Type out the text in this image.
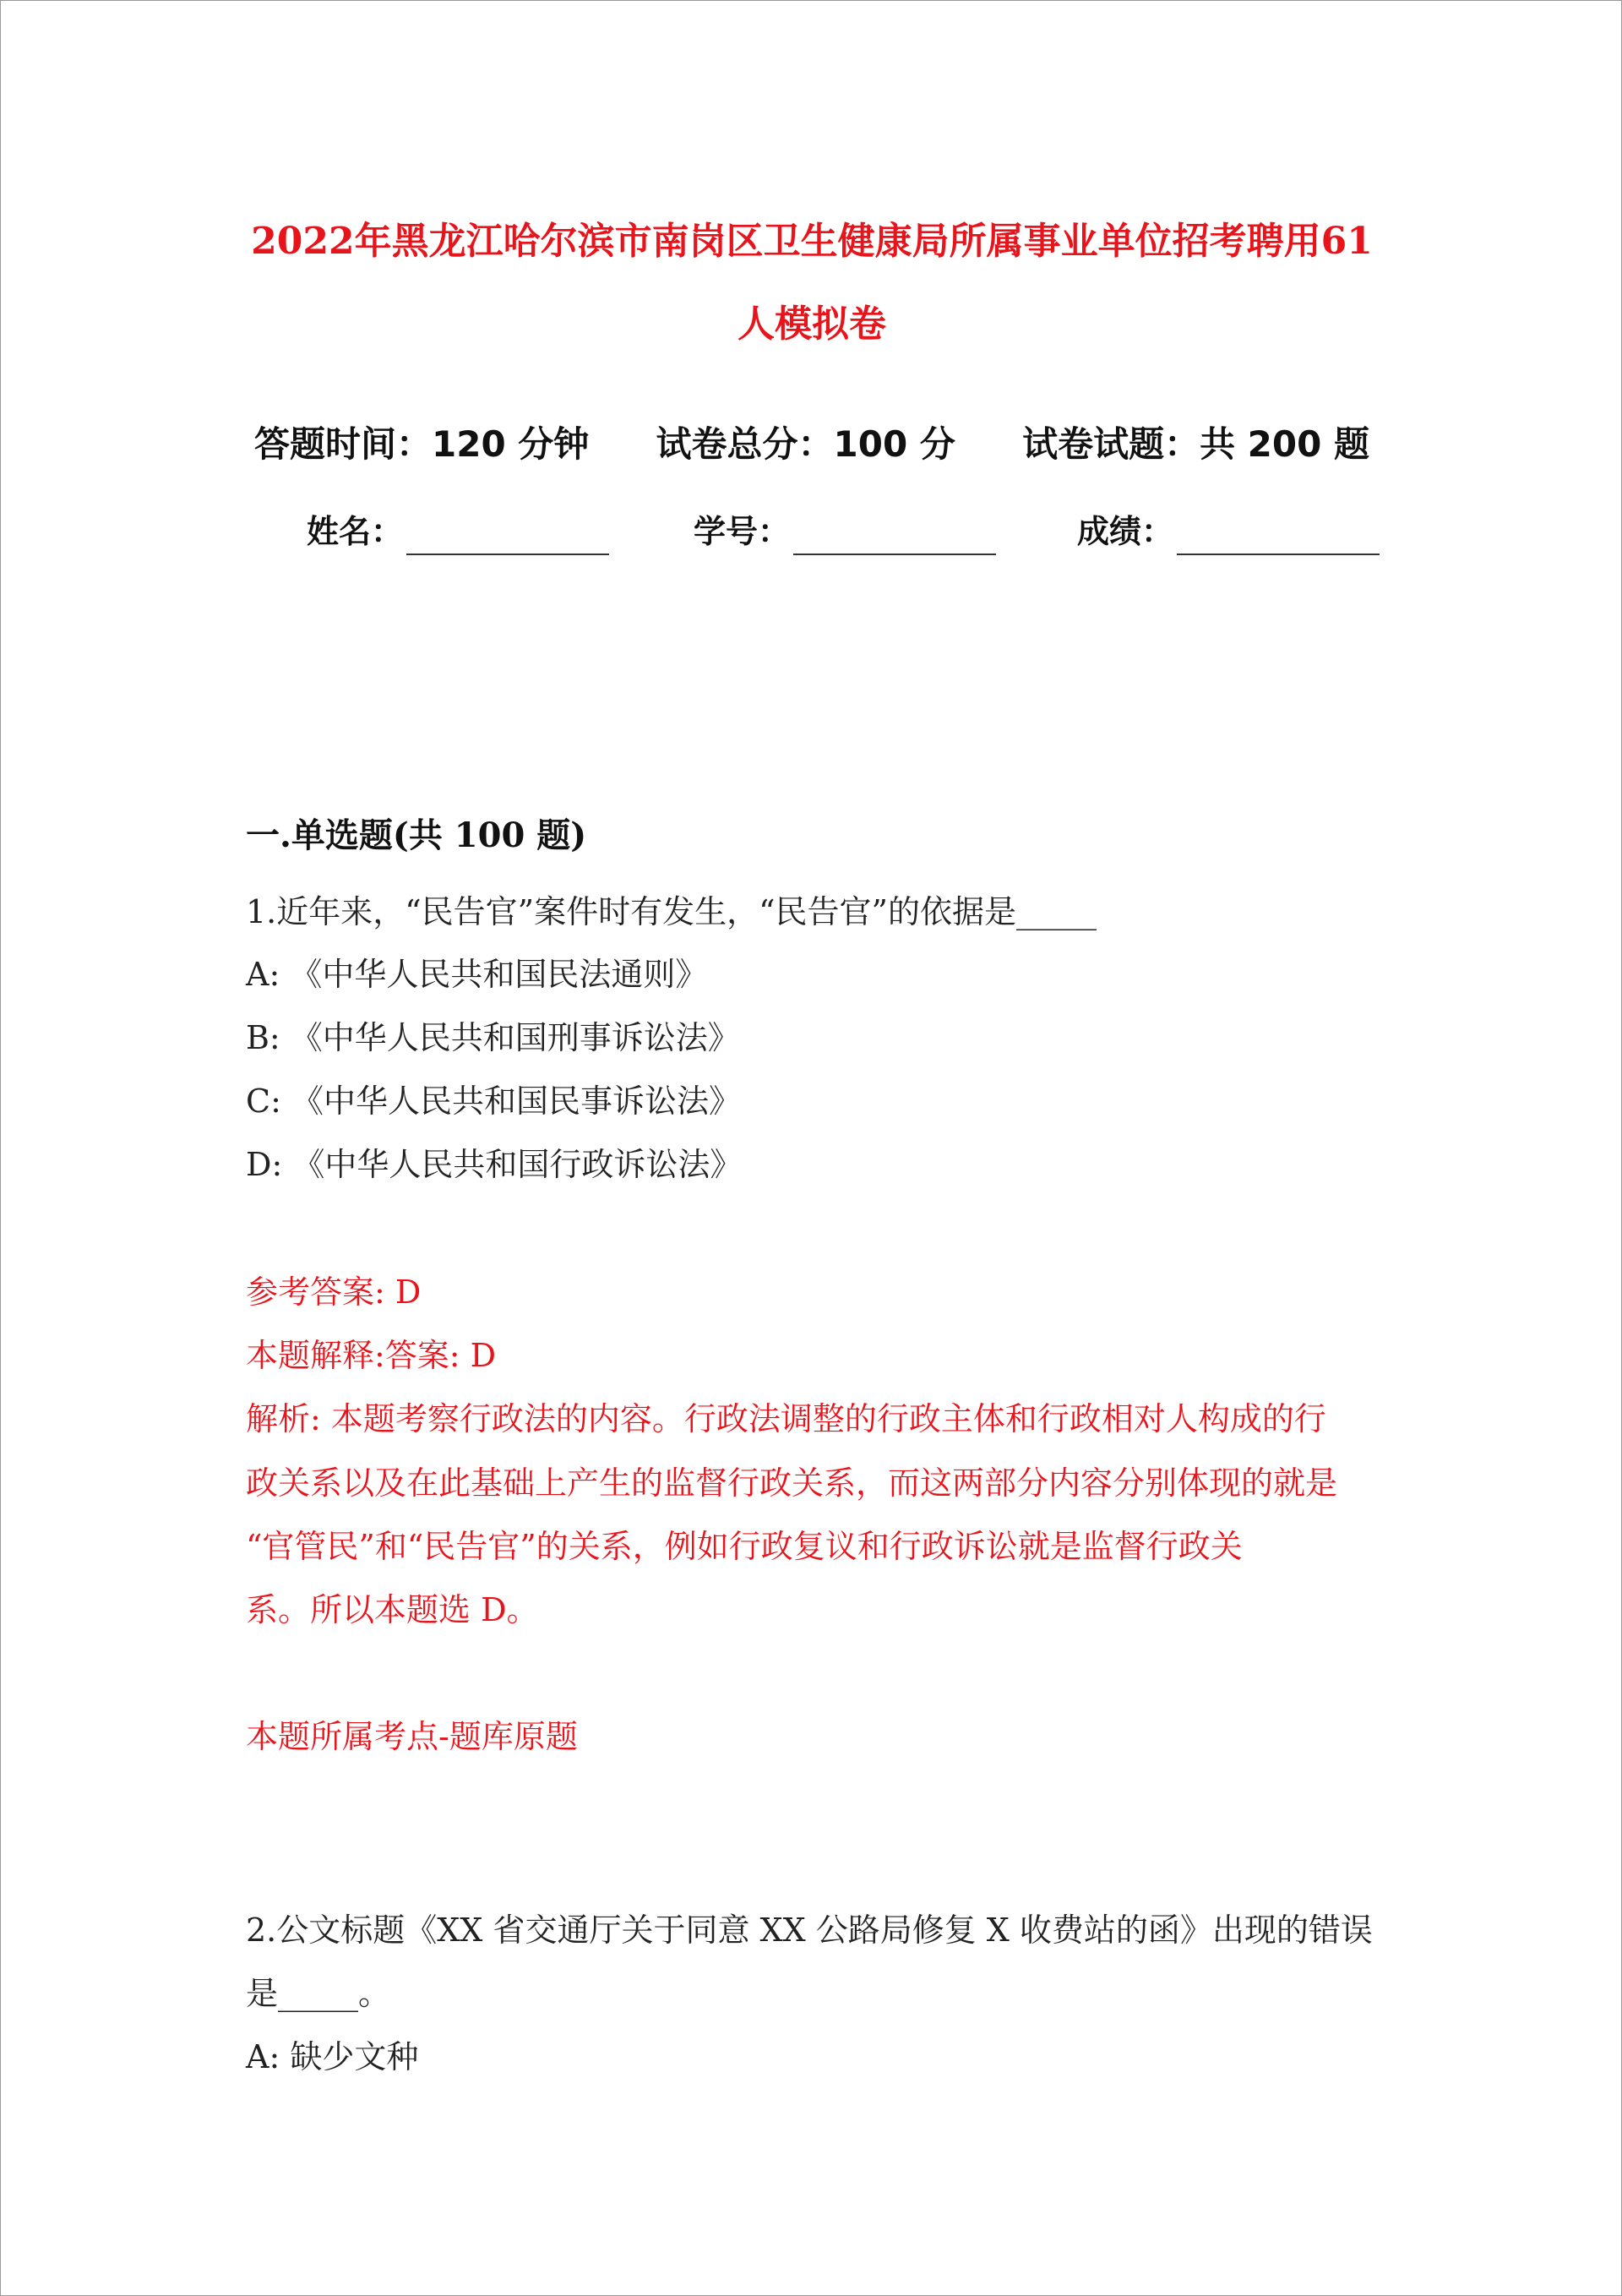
2022年黑龙江哈尔滨市南岗区卫生健康局所属事业单位招考聘用61
人模拟卷
答题时间：120 分钟 试卷总分：100 分 试卷试题：共 200 题
姓名：	学号：	成绩：
一.单选题(共 100 题)
1.近年来，“民告官”案件时有发生，“民告官”的依据是_____
A: 《中华人民共和国民法通则》
B: 《中华人民共和国刑事诉讼法》
C: 《中华人民共和国民事诉讼法》
D: 《中华人民共和国行政诉讼法》
参考答案: D
本题解释:答案: D
解析: 本题考察行政法的内容。行政法调整的行政主体和行政相对人构成的行
政关系以及在此基础上产生的监督行政关系，而这两部分内容分别体现的就是
“官管民”和“民告官”的关系，例如行政复议和行政诉讼就是监督行政关
系。所以本题选 D。
本题所属考点-题库原题
2.公文标题《XX 省交通厅关于同意 XX 公路局修复 X 收费站的函》出现的错误
是_____。
A: 缺少文种
